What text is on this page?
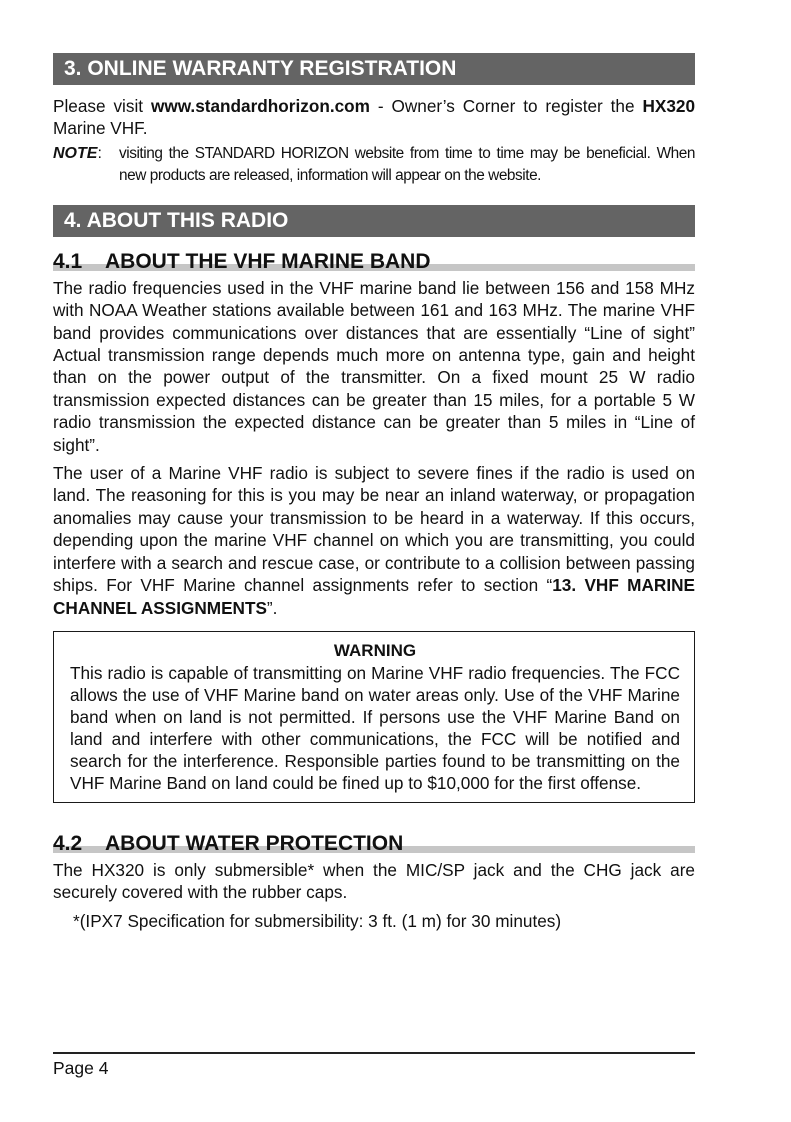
3. ONLINE WARRANTY REGISTRATION

Please visit www.standardhorizon.com - Owner’s Corner to register the HX320 Marine VHF.

NOTE:	visiting the STANDARD HORIZON website from time to time may be beneficial. When new products are released, information will appear on the website.
4. ABOUT THIS RADIO
4.1 ABOUT THE VHF MARINE BAND

The radio frequencies used in the VHF marine band lie between 156 and 158 MHz with NOAA Weather stations available between 161 and 163 MHz. The marine VHF band provides communications over distances that are essentially “Line of sight” Actual transmission range depends much more on antenna type, gain and height than on the power output of the transmitter. On a fixed mount 25 W radio transmission expected distances can be greater than 15 miles, for a portable 5 W radio transmission the expected distance can be greater than 5 miles in “Line of sight”.

The user of a Marine VHF radio is subject to severe fines if the radio is used on land. The reasoning for this is you may be near an inland waterway, or propagation anomalies may cause your transmission to be heard in a waterway. If this occurs, depending upon the marine VHF channel on which you are transmitting, you could interfere with a search and rescue case, or contribute to a collision between passing ships. For VHF Marine channel assignments refer to section “13. VHF MARINE CHANNEL ASSIGNMENTS”.

WARNING
This radio is capable of transmitting on Marine VHF radio frequencies. The FCC allows the use of VHF Marine band on water areas only. Use of the VHF Marine band when on land is not permitted. If persons use the VHF Marine Band on land and interfere with other communications, the FCC will be notified and search for the interference. Responsible parties found to be transmitting on the VHF Marine Band on land could be fined up to $10,000 for the first offense.
4.2 ABOUT WATER PROTECTION

The HX320 is only submersible* when the MIC/SP jack and the CHG jack are securely covered with the rubber caps.

*(IPX7 Specification for submersibility: 3 ft. (1 m) for 30 minutes)
Page 4
